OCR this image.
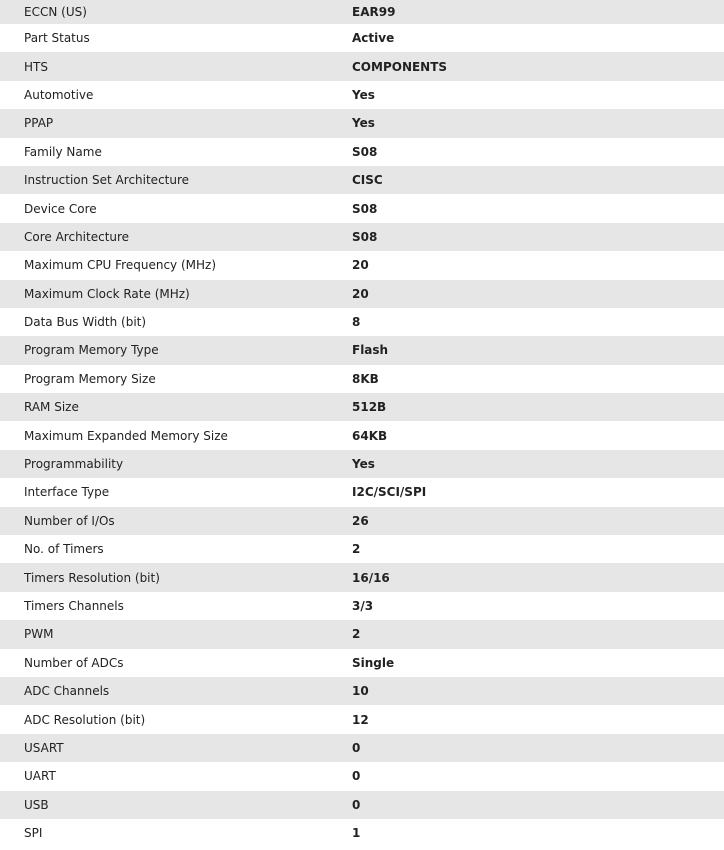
ECCN (US)	EAR99
Part Status	Active
HTS	COMPONENTS
Automotive	Yes
PPAP	Yes
Family Name	S08
Instruction Set Architecture	CISC
Device Core	S08
Core Architecture	S08
Maximum CPU Frequency (MHz)	20
Maximum Clock Rate (MHz)	20
Data Bus Width (bit)	8
Program Memory Type	Flash
Program Memory Size	8KB
RAM Size	512B
Maximum Expanded Memory Size	64KB
Programmability	Yes
Interface Type	I2C/SCI/SPI
Number of I/Os	26
No. of Timers	2
Timers Resolution (bit)	16/16
Timers Channels	3/3
PWM	2
Number of ADCs	Single
ADC Channels	10
ADC Resolution (bit)	12
USART	0
UART	0
USB	0
SPI	1
